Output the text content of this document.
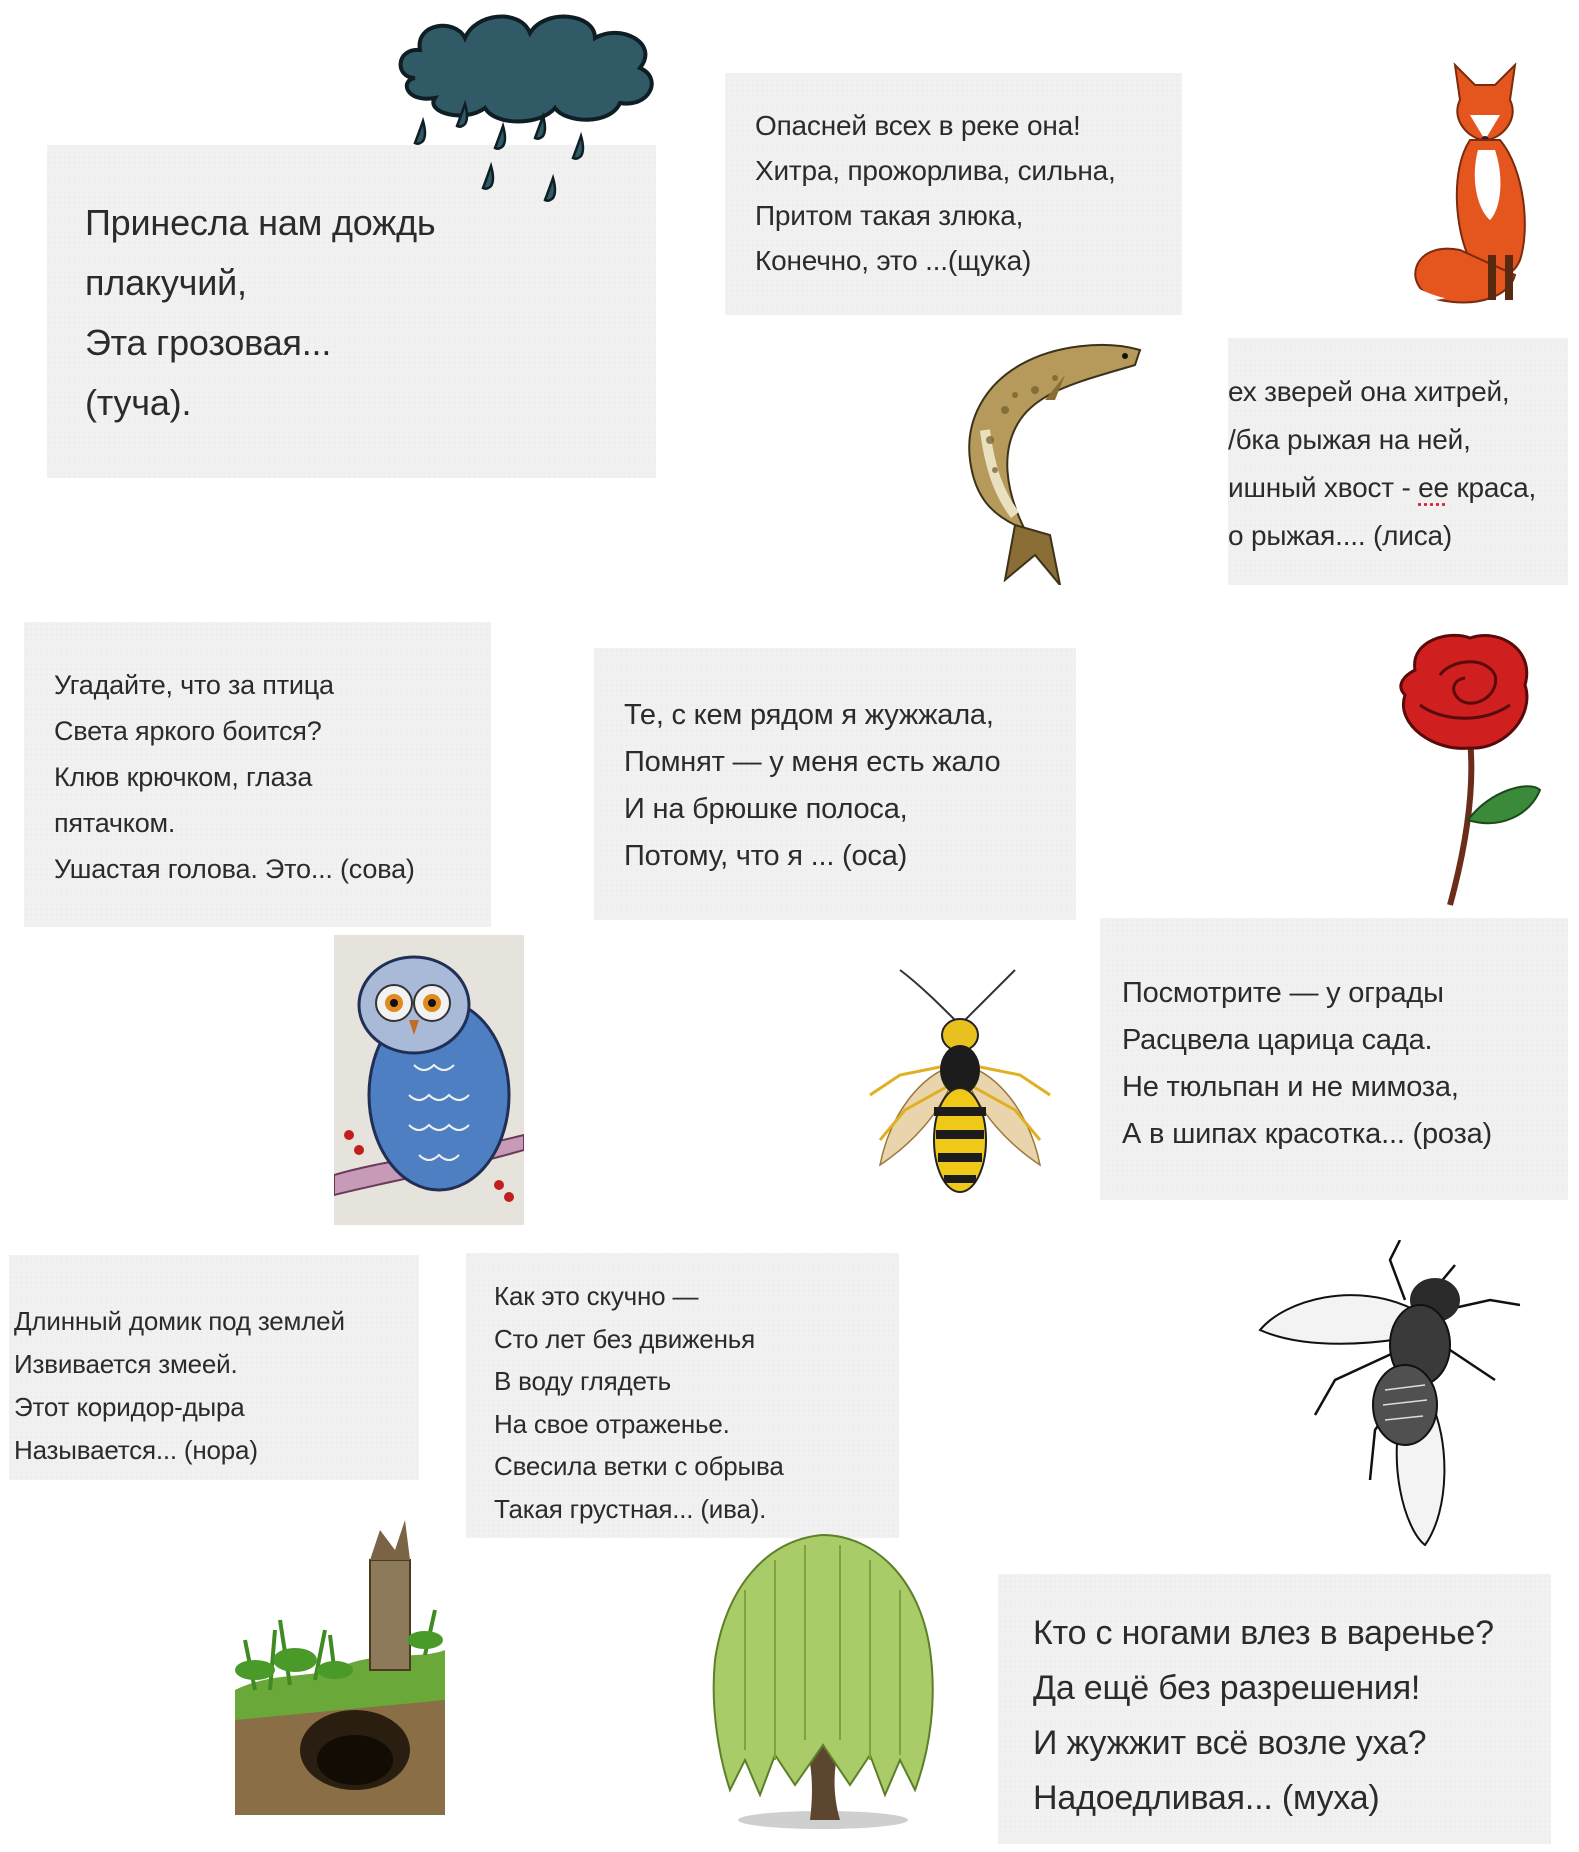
Принесла нам дождь

плакучий,

Эта грозовая...

(туча).

Опасней всех в реке она!

Хитра, прожорлива, сильна,

Притом такая злюка,

Конечно, это ...(щука)

ех зверей она хитрей,

/бка рыжая на ней,

ишный хвост - ее краса,

о рыжая.... (лиса)

Угадайте, что за птица

Света яркого боится?

Клюв крючком, глаза

пятачком.

Ушастая голова. Это... (сова)

Те, с кем рядом я жужжала,

Помнят — у меня есть жало

И на брюшке полоса,

Потому, что я ... (оса)

Посмотрите — у ограды

Расцвела царица сада.

Не тюльпан и не мимоза,

А в шипах красотка... (роза)

Длинный домик под землей

Извивается змеей.

Этот коридор-дыра

Называется... (нора)

Как это скучно —

Сто лет без движенья

В воду глядеть

На свое отраженье.

Свесила ветки с обрыва

Такая грустная... (ива).

Кто с ногами влез в варенье?

Да ещё без разрешения!

И жужжит всё возле уха?

Надоедливая... (муха)
